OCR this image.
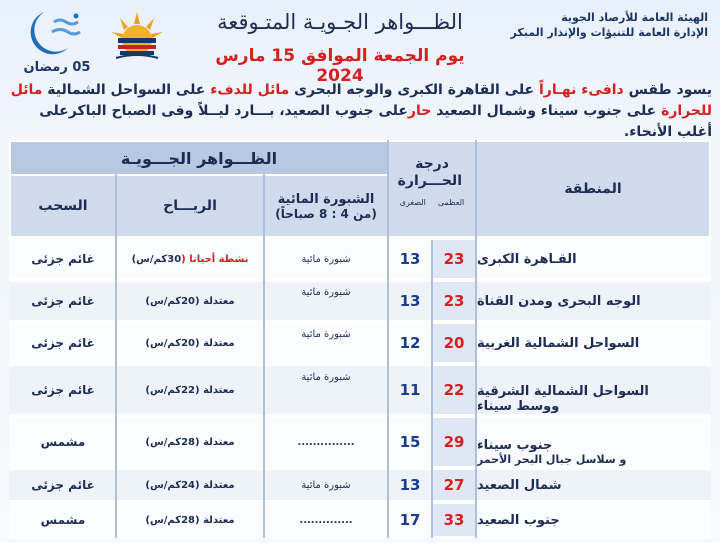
الهيئة العامة للأرصاد الجوية
الإدارة العامة للتنبؤات والإنذار المبكر
الظـــواهر الجـويـة المتـوقعة
يوم الجمعة الموافق 15 مارس 2024
05 رمضان
يسود طقس دافىء نهـاراً على القاهرة الكبرى والوجه البحرى مائل للدفء على السواحل الشمالية مائل للحرارة على جنوب سيناء وشمال الصعيد حارعلى جنوب الصعيد، بـــارد ليــلاً وفى الصباح الباكرعلى أغلب الأنحاء.
المنطقة
درجة الحـــرارة
العظمى
الصغرى
الظـــواهر الجـــويـة
الشبورة المائية
(من 4 : 8 صباحاً)
الريـــاح
السحب
القـاهرة الكبرى
23
13
شبورة مائية
نشطة أحيانا (
30
كم/س)
غائم جزئى
الوجه البحرى ومدن القناة
23
13
شبورة مائية
معتدلة (
20
كم/س)
غائم جزئى
السواحل الشمالية الغربية
20
12
شبورة مائية
معتدلة (
20
كم/س)
غائم جزئى
السواحل الشمالية الشرقية
ووسط سيناء
22
11
شبورة مائية
معتدلة (
22
كم/س)
غائم جزئى
جنوب سيناء
و سلاسل جبال البحر الأحمر
29
15
...............
معتدلة (
28
كم/س)
مشمس
شمال الصعيد
27
13
شبورة مائية
معتدلة (
24
كم/س)
غائم جزئى
جنوب الصعيد
33
17
..............
معتدلة (
28
كم/س)
مشمس
